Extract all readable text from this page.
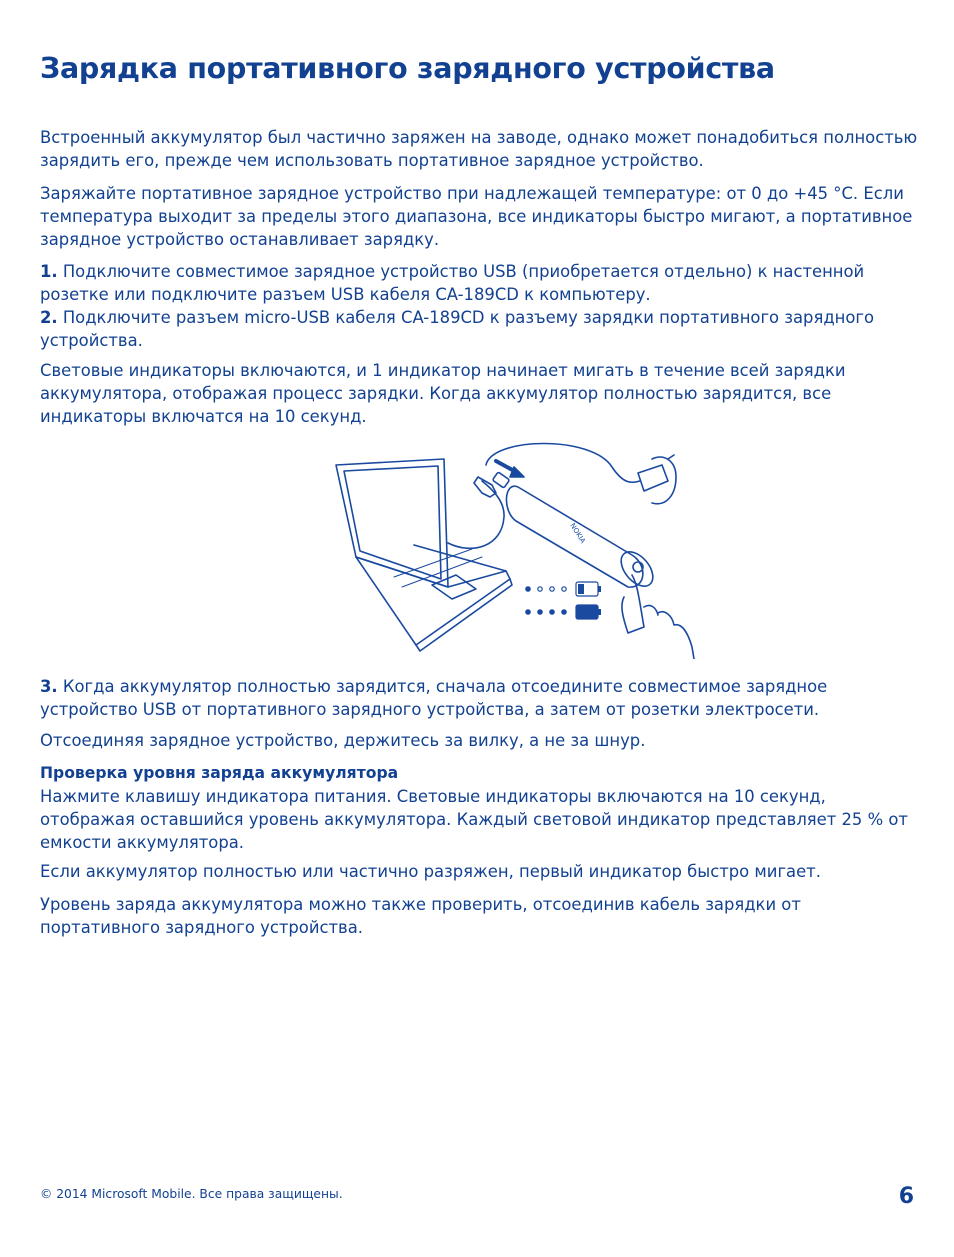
Зарядка портативного зарядного устройства

Встроенный аккумулятор был частично заряжен на заводе, однако может понадобиться полностью зарядить его, прежде чем использовать портативное зарядное устройство.

Заряжайте портативное зарядное устройство при надлежащей температуре: от 0 до +45 °C. Если температура выходит за пределы этого диапазона, все индикаторы быстро мигают, а портативное зарядное устройство останавливает зарядку.

1. Подключите совместимое зарядное устройство USB (приобретается отдельно) к настенной розетке или подключите разъем USB кабеля CA-189CD к компьютеру.

2. Подключите разъем micro-USB кабеля CA-189CD к разъему зарядки портативного зарядного устройства.

Световые индикаторы включаются, и 1 индикатор начинает мигать в течение всей зарядки аккумулятора, отображая процесс зарядки. Когда аккумулятор полностью зарядится, все индикаторы включатся на 10 секунд.

NOKIA

3. Когда аккумулятор полностью зарядится, сначала отсоедините совместимое зарядное устройство USB от портативного зарядного устройства, а затем от розетки электросети.

Отсоединяя зарядное устройство, держитесь за вилку, а не за шнур.

Проверка уровня заряда аккумулятора

Нажмите клавишу индикатора питания. Световые индикаторы включаются на 10 секунд, отображая оставшийся уровень аккумулятора. Каждый световой индикатор представляет 25 % от емкости аккумулятора.

Если аккумулятор полностью или частично разряжен, первый индикатор быстро мигает.

Уровень заряда аккумулятора можно также проверить, отсоединив кабель зарядки от портативного зарядного устройства.

© 2014 Microsoft Mobile. Все права защищены.	6
